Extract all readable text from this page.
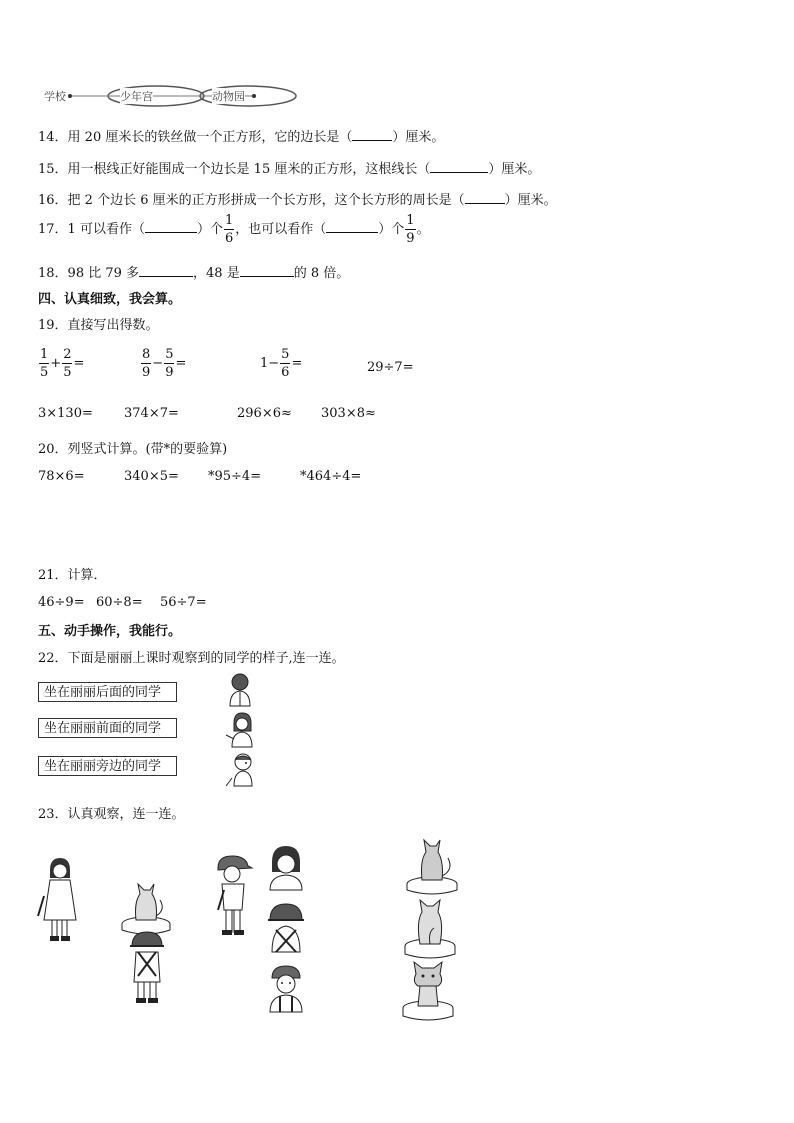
学校	少年宫	动物园
14．用 20 厘米长的铁丝做一个正方形，它的边长是（	）厘米。
15．用一根线正好能围成一个边长是 15 厘米的正方形，这根线长（	）厘米。
16．把 2 个边长 6 厘米的正方形拼成一个长方形，这个长方形的周长是（	）厘米。
17．1 可以看作（	）个 $\frac{1}{6}$ ，也可以看作（	）个 $\frac{1}{9}$ 。
18．98 比 79 多	，48 是	的 8 倍。
四、认真细致，我会算。
19．直接写出得数。
$\frac{1}{5} + \frac{2}{5}$ =	$\frac{8}{9} - \frac{5}{9}$ =	$1- \frac{5}{6}$ =	29÷7=
3×130= 374×7=	296×6≈ 303×8≈
20．列竖式计算。(带*的要验算)
78×6=	340×5= *95÷4=	*464÷4=
21．计算．
46÷9= 60÷8= 56÷7=
五、动手操作，我能行。
22．下面是丽丽上课时观察到的同学的样子,连一连。
坐在丽丽后面的同学
坐在丽丽前面的同学
坐在丽丽旁边的同学
23．认真观察，连一连。
